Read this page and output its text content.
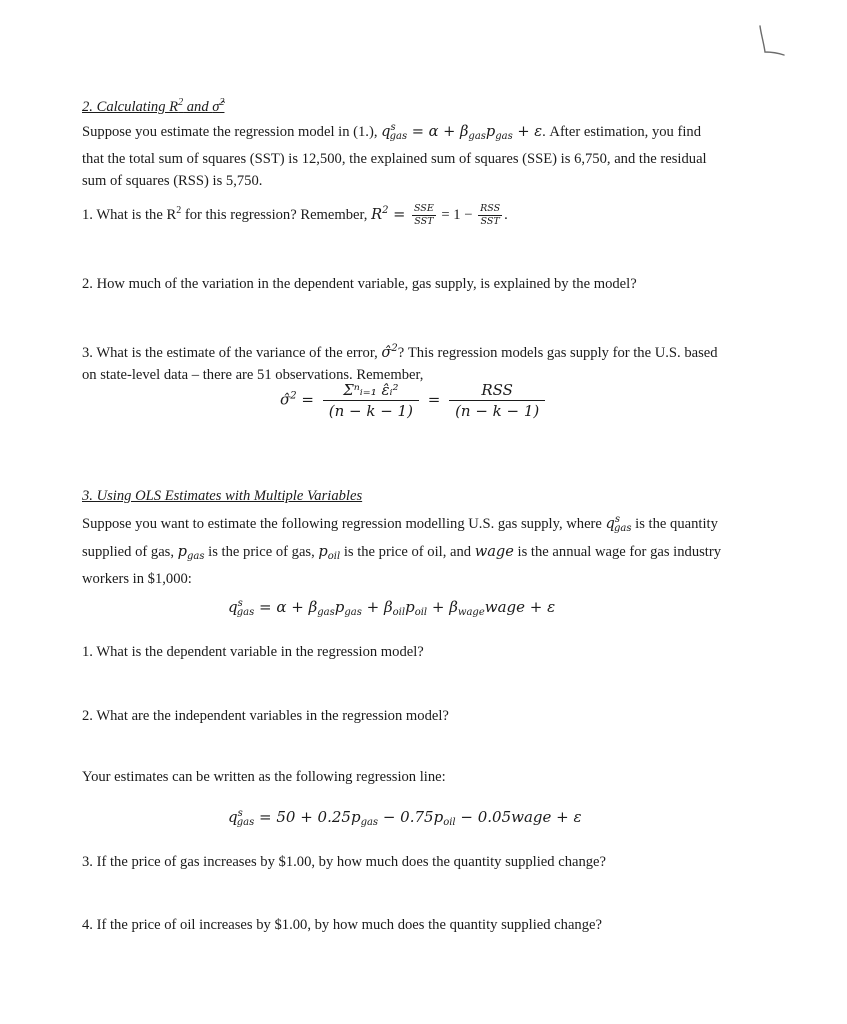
2. Calculating $R^2$ and σ̂$^2$
Suppose you estimate the regression model in (1.), $q^s_{gas} = \alpha + \beta_{gas}p_{gas} + \varepsilon$. After estimation, you find that the total sum of squares (SST) is 12,500, the explained sum of squares (SSE) is 6,750, and the residual sum of squares (RSS) is 5,750.
1. What is the $R^2$ for this regression? Remember, $R^2 = \frac{\text{SSE}}{\text{SST}} = 1 - \frac{\text{RSS}}{\text{SST}}$ .
2. How much of the variation in the dependent variable, gas supply, is explained by the model?
3. What is the estimate of the variance of the error, σ̂$^2$? This regression models gas supply for the U.S. based on state-level data – there are 51 observations. Remember,
σ̂$^2$ = $\frac{\text{Σⁿᵢ₌₁ ε̂ᵢ²}}{(n - k - 1)} = \frac{\text{RSS}}{(n - k - 1)}$
3. Using OLS Estimates with Multiple Variables
Suppose you want to estimate the following regression modelling U.S. gas supply, where $q^s_{gas}$ is the quantity supplied of gas, $p_{gas}$ is the price of gas, $p_{oil}$ is the price of oil, and wage is the annual wage for gas industry workers in $1,000:
$q^s_{gas} = \alpha + \beta_{gas}p_{gas} + \beta_{oil}p_{oil}$ + $\beta_{wage}wage + \varepsilon$
1. What is the dependent variable in the regression model?
2. What are the independent variables in the regression model?
Your estimates can be written as the following regression line:
$q^s_{gas} = 50 + 0.25p_{gas} - 0.75p_{oil}$ − 0.05wage + ε
3. If the price of gas increases by $1.00, by how much does the quantity supplied change?
4. If the price of oil increases by $1.00, by how much does the quantity supplied change?
